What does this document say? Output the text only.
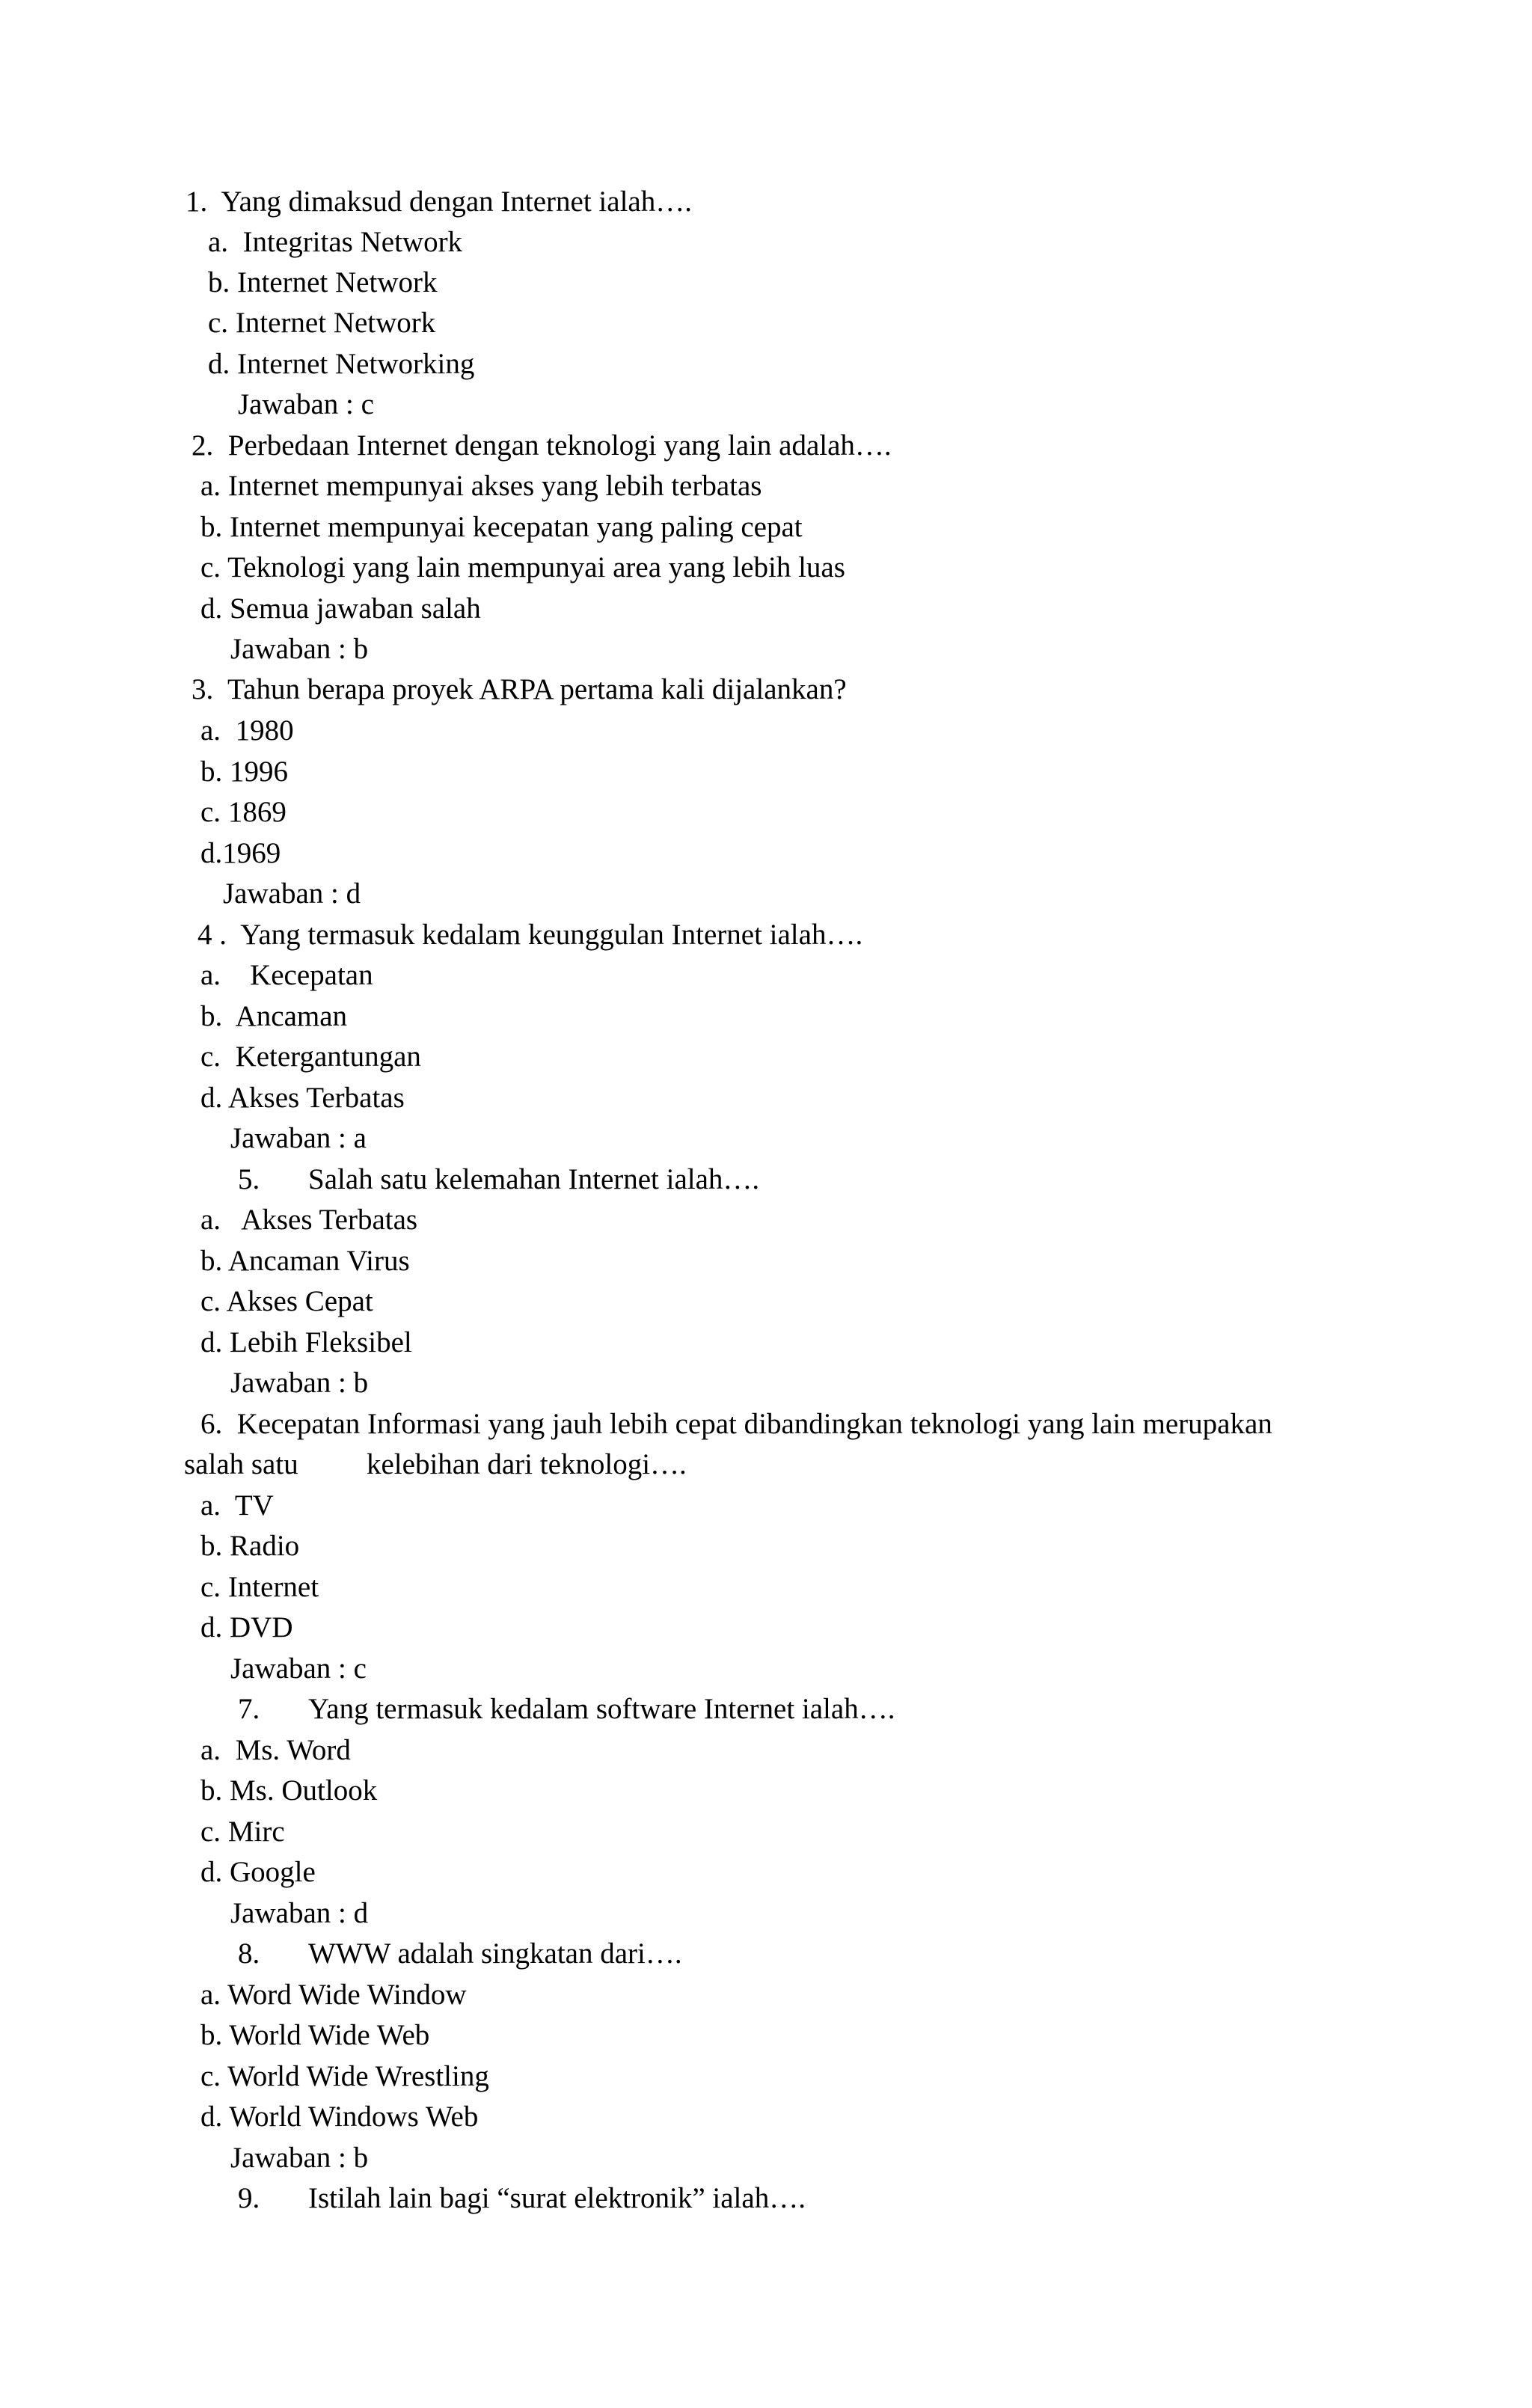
1. Yang dimaksud dengan Internet ialah….
a. Integritas Network
b. Internet Network
c. Internet Network
d. Internet Networking
Jawaban : c
2. Perbedaan Internet dengan teknologi yang lain adalah….
a. Internet mempunyai akses yang lebih terbatas
b. Internet mempunyai kecepatan yang paling cepat
c. Teknologi yang lain mempunyai area yang lebih luas
d. Semua jawaban salah
Jawaban : b
3. Tahun berapa proyek ARPA pertama kali dijalankan?
a. 1980
b. 1996
c. 1869
d.1969
Jawaban : d
4 . Yang termasuk kedalam keunggulan Internet ialah….
a. Kecepatan
b. Ancaman
c. Ketergantungan
d. Akses Terbatas
Jawaban : a
5. Salah satu kelemahan Internet ialah….
a. Akses Terbatas
b. Ancaman Virus
c. Akses Cepat
d. Lebih Fleksibel
Jawaban : b
6. Kecepatan Informasi yang jauh lebih cepat dibandingkan teknologi yang lain merupakan
salah satu kelebihan dari teknologi….
a. TV
b. Radio
c. Internet
d. DVD
Jawaban : c
7. Yang termasuk kedalam software Internet ialah….
a. Ms. Word
b. Ms. Outlook
c. Mirc
d. Google
Jawaban : d
8. WWW adalah singkatan dari….
a. Word Wide Window
b. World Wide Web
c. World Wide Wrestling
d. World Windows Web
Jawaban : b
9. Istilah lain bagi “surat elektronik” ialah….
